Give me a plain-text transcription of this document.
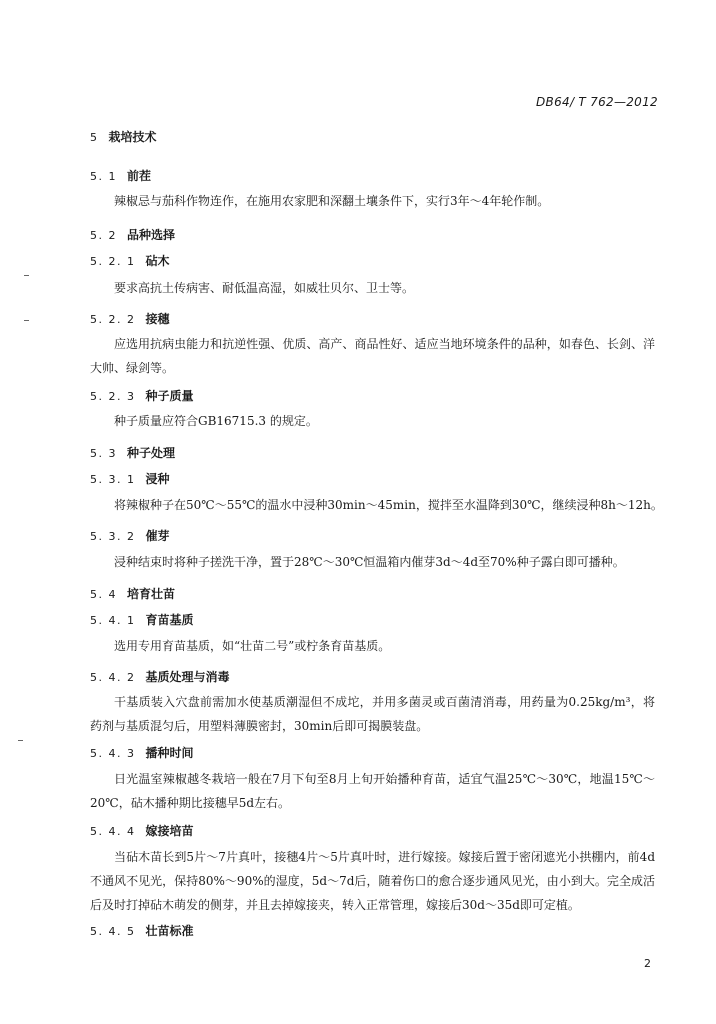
DB64/ T 762—2012
5 栽培技术
5. 1 前茬
辣椒忌与茄科作物连作，在施用农家肥和深翻土壤条件下，实行3年～4年轮作制。
5. 2 品种选择
5. 2. 1 砧木
要求高抗土传病害、耐低温高湿，如威壮贝尔、卫士等。
5. 2. 2 接穗
应选用抗病虫能力和抗逆性强、优质、高产、商品性好、适应当地环境条件的品种，如春色、长剑、洋大帅、绿剑等。
5. 2. 3 种子质量
种子质量应符合GB16715.3 的规定。
5. 3 种子处理
5. 3. 1 浸种
将辣椒种子在50℃～55℃的温水中浸种30min～45min，搅拌至水温降到30℃，继续浸种8h～12h。
5. 3. 2 催芽
浸种结束时将种子搓洗干净，置于28℃～30℃恒温箱内催芽3d～4d至70%种子露白即可播种。
5. 4 培育壮苗
5. 4. 1 育苗基质
选用专用育苗基质，如“壮苗二号”或柠条育苗基质。
5. 4. 2 基质处理与消毒
干基质装入穴盘前需加水使基质潮湿但不成坨，并用多菌灵或百菌清消毒，用药量为0.25kg/m³，将药剂与基质混匀后，用塑料薄膜密封，30min后即可揭膜装盘。
5. 4. 3 播种时间
日光温室辣椒越冬栽培一般在7月下旬至8月上旬开始播种育苗，适宜气温25℃～30℃，地温15℃～20℃，砧木播种期比接穗早5d左右。
5. 4. 4 嫁接培苗
当砧木苗长到5片～7片真叶，接穗4片～5片真叶时，进行嫁接。嫁接后置于密闭遮光小拱棚内，前4d不通风不见光，保持80%～90%的湿度，5d～7d后，随着伤口的愈合逐步通风见光，由小到大。完全成活后及时打掉砧木萌发的侧芽，并且去掉嫁接夹，转入正常管理，嫁接后30d～35d即可定植。
5. 4. 5 壮苗标准
2
